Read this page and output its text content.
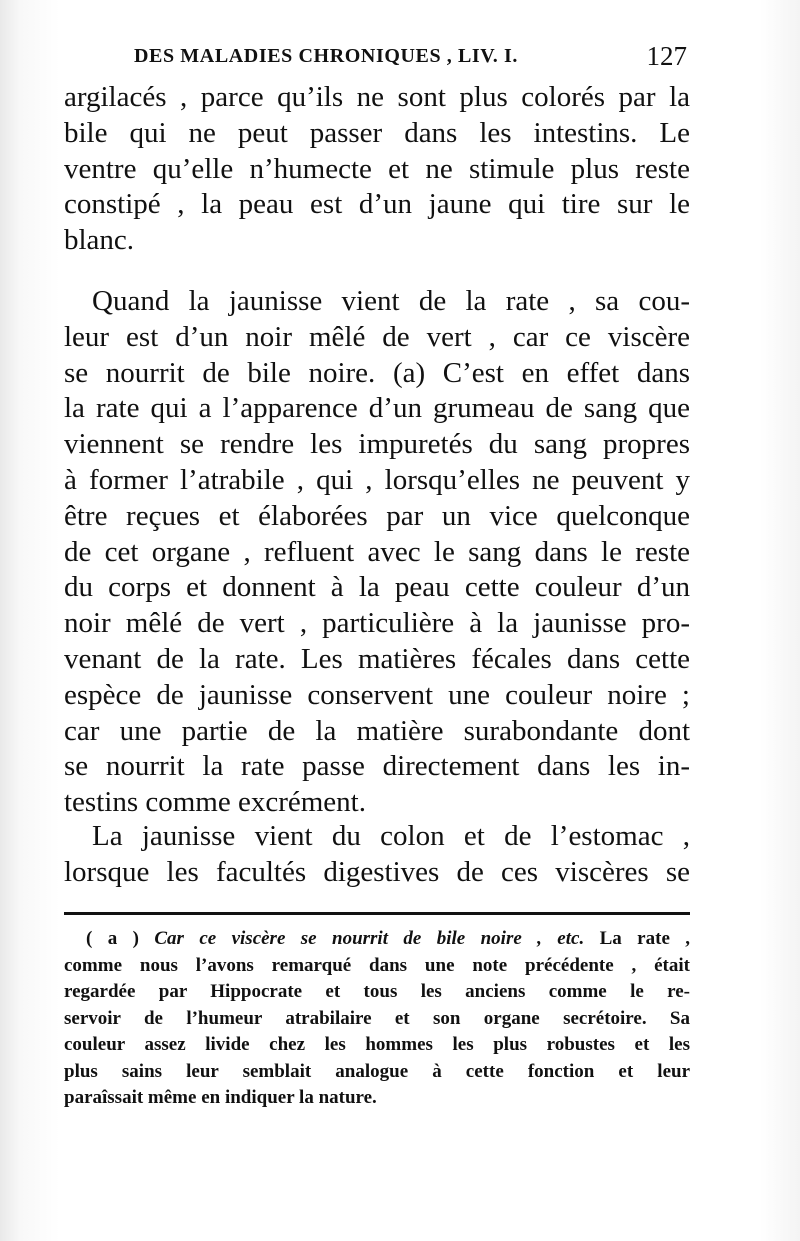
DES MALADIES CHRONIQUES , LIV. I.	127
argilacés , parce qu’ils ne sont plus colorés par la
bile qui ne peut passer dans les intestins. Le
ventre qu’elle n’humecte et ne stimule plus reste
constipé , la peau est d’un jaune qui tire sur le
blanc.
Quand la jaunisse vient de la rate , sa cou-
leur est d’un noir mêlé de vert , car ce viscère
se nourrit de bile noire. (a) C’est en effet dans
la rate qui a l’apparence d’un grumeau de sang que
viennent se rendre les impuretés du sang propres
à former l’atrabile , qui , lorsqu’elles ne peuvent y
être reçues et élaborées par un vice quelconque
de cet organe , refluent avec le sang dans le reste
du corps et donnent à la peau cette couleur d’un
noir mêlé de vert , particulière à la jaunisse pro-
venant de la rate. Les matières fécales dans cette
espèce de jaunisse conservent une couleur noire ;
car une partie de la matière surabondante dont
se nourrit la rate passe directement dans les in-
testins comme excrément.
La jaunisse vient du colon et de l’estomac ,
lorsque les facultés digestives de ces viscères se
( a ) Car ce viscère se nourrit de bile noire , etc. La rate ,
comme nous l’avons remarqué dans une note précédente , était
regardée par Hippocrate et tous les anciens comme le re-
servoir de l’humeur atrabilaire et son organe secrétoire. Sa
couleur assez livide chez les hommes les plus robustes et les
plus sains leur semblait analogue à cette fonction et leur
paraîssait même en indiquer la nature.
